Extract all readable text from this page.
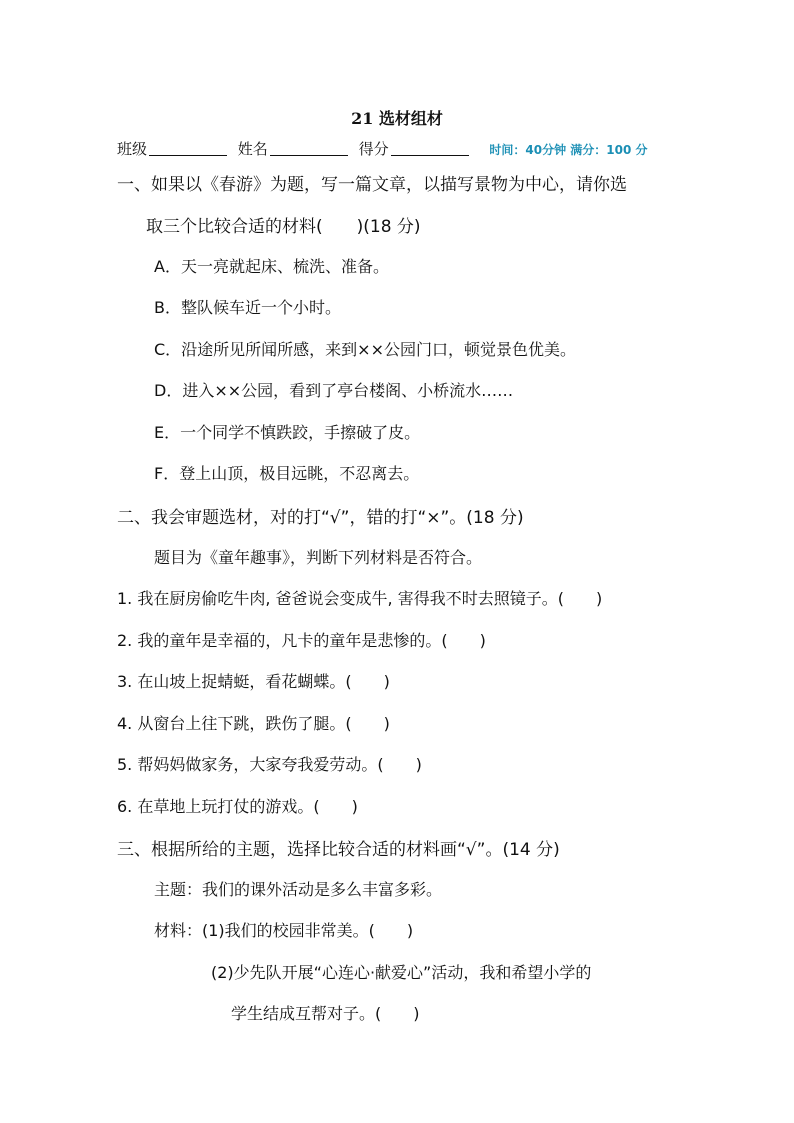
21 选材组材
班级	姓名	得分	时间：40分钟 满分：100 分
一、如果以《春游》为题，写一篇文章，以描写景物为中心，请你选
取三个比较合适的材料(　　)(18 分)
A．天一亮就起床、梳洗、准备。
B．整队候车近一个小时。
C．沿途所见所闻所感，来到××公园门口，顿觉景色优美。
D．进入××公园，看到了亭台楼阁、小桥流水……
E．一个同学不慎跌跤，手擦破了皮。
F．登上山顶，极目远眺，不忍离去。
二、我会审题选材，对的打“√”，错的打“×”。(18 分)
题目为《童年趣事》，判断下列材料是否符合。
1. 我在厨房偷吃牛肉, 爸爸说会变成牛, 害得我不时去照镜子。(　　)
2. 我的童年是幸福的，凡卡的童年是悲惨的。(　　)
3. 在山坡上捉蜻蜓，看花蝴蝶。(　　)
4. 从窗台上往下跳，跌伤了腿。(　　)
5. 帮妈妈做家务，大家夸我爱劳动。(　　)
6. 在草地上玩打仗的游戏。(　　)
三、根据所给的主题，选择比较合适的材料画“√”。(14 分)
主题：我们的课外活动是多么丰富多彩。
材料：(1)我们的校园非常美。(　　)
(2)少先队开展“心连心·献爱心”活动，我和希望小学的
学生结成互帮对子。(　　)
